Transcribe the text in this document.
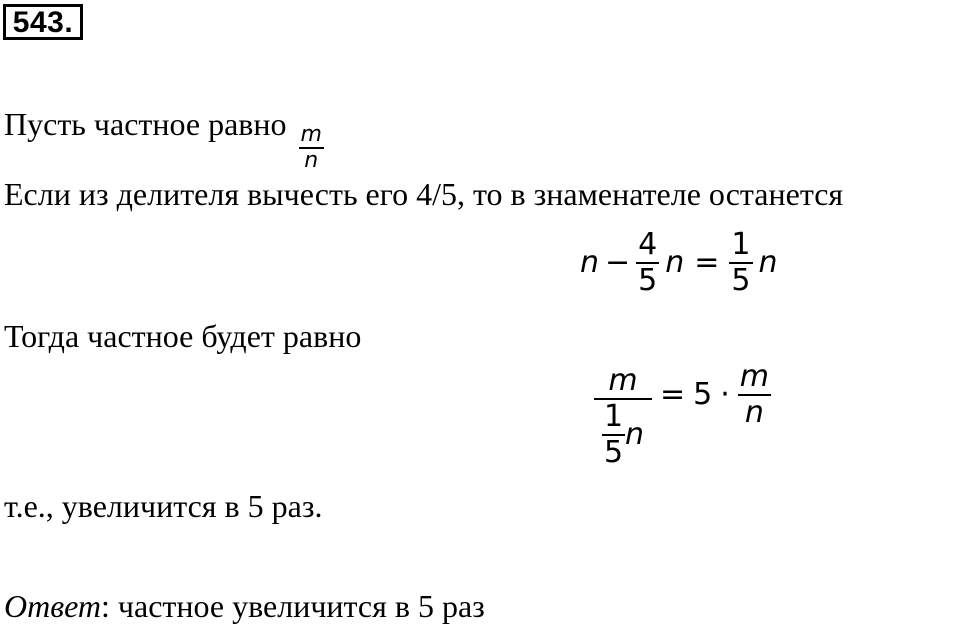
543.
Пусть частное равно $\frac{m}{n}$
Если из делителя вычесть его 4/5, то в знаменателе останется
$n - \frac{4}{5}$ $n = \frac{1}{5}$ n
Тогда частное будет равно
$\frac{m}{\frac{1}{5} n} = 5 \cdot \frac{m}{n}$
т.е., увеличится в 5 раз.
Ответ: частное увеличится в 5 раз
